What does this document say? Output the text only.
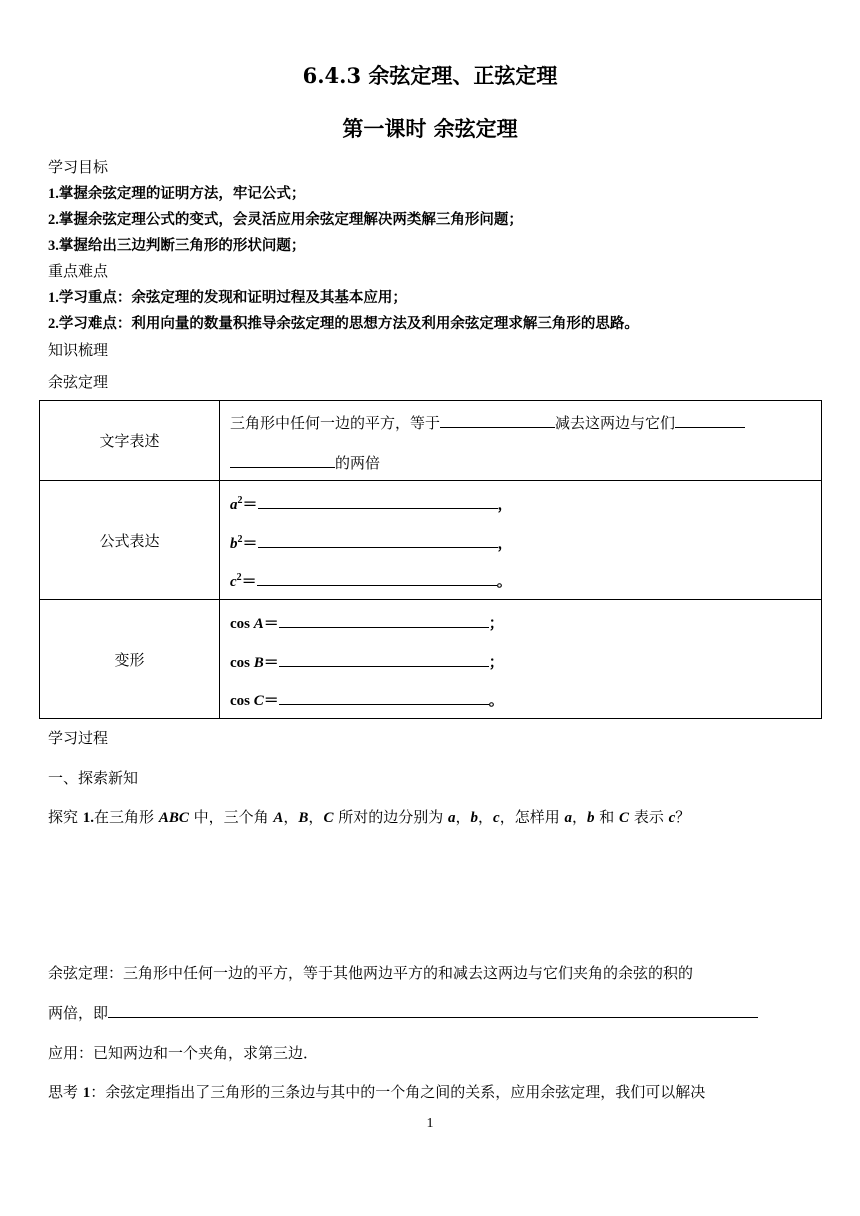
6.4.3 余弦定理、正弦定理
第一课时 余弦定理
学习目标
1.掌握余弦定理的证明方法，牢记公式；
2.掌握余弦定理公式的变式，会灵活应用余弦定理解决两类解三角形问题；
3.掌握给出三边判断三角形的形状问题；
重点难点
1.学习重点：余弦定理的发现和证明过程及其基本应用；
2.学习难点：利用向量的数量积推导余弦定理的思想方法及利用余弦定理求解三角形的思路。
知识梳理
余弦定理
文字表述	三角形中任何一边的平方，等于 减去这两边与它们
的两倍

公式表达	$a^2=$ ，
$b^2=$ ，
$c^2=$ 。

变形	cos A＝ ；
cos B＝ ；
cos C＝ 。
学习过程
一、探索新知
探究 1.在三角形 ABC 中，三个角 A，B，C 所对的边分别为 a，b，c，怎样用 a，b 和 C 表示 c？
余弦定理：三角形中任何一边的平方，等于其他两边平方的和减去这两边与它们夹角的余弦的积的
两倍，即
应用：已知两边和一个夹角，求第三边．
思考 1：余弦定理指出了三角形的三条边与其中的一个角之间的关系，应用余弦定理，我们可以解决
1
